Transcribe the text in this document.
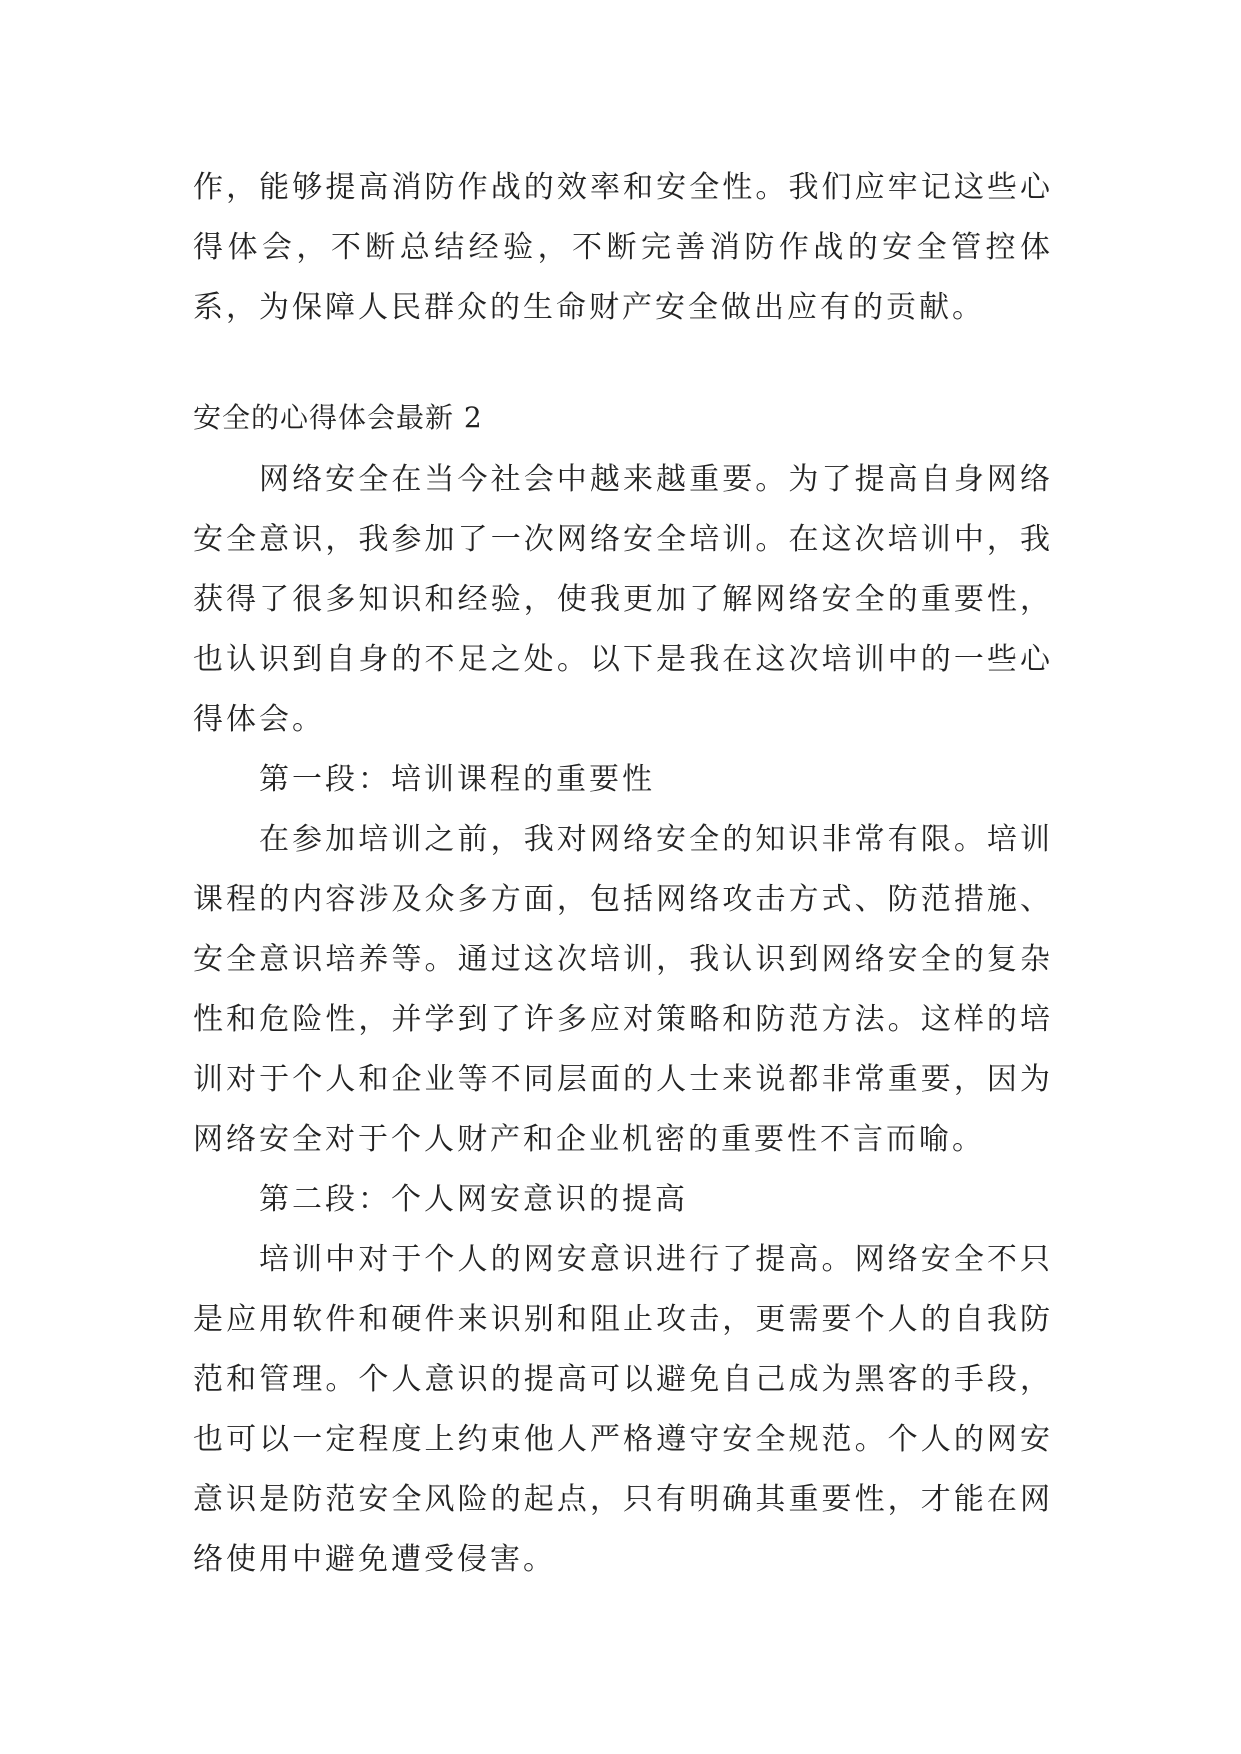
作，能够提高消防作战的效率和安全性。我们应牢记这些心得体会，不断总结经验，不断完善消防作战的安全管控体系，为保障人民群众的生命财产安全做出应有的贡献。

安全的心得体会最新 2

网络安全在当今社会中越来越重要。为了提高自身网络安全意识，我参加了一次网络安全培训。在这次培训中，我获得了很多知识和经验，使我更加了解网络安全的重要性，也认识到自身的不足之处。以下是我在这次培训中的一些心得体会。

第一段：培训课程的重要性

在参加培训之前，我对网络安全的知识非常有限。培训课程的内容涉及众多方面，包括网络攻击方式、防范措施、安全意识培养等。通过这次培训，我认识到网络安全的复杂性和危险性，并学到了许多应对策略和防范方法。这样的培训对于个人和企业等不同层面的人士来说都非常重要，因为网络安全对于个人财产和企业机密的重要性不言而喻。

第二段：个人网安意识的提高

培训中对于个人的网安意识进行了提高。网络安全不只是应用软件和硬件来识别和阻止攻击，更需要个人的自我防范和管理。个人意识的提高可以避免自己成为黑客的手段，也可以一定程度上约束他人严格遵守安全规范。个人的网安意识是防范安全风险的起点，只有明确其重要性，才能在网络使用中避免遭受侵害。
